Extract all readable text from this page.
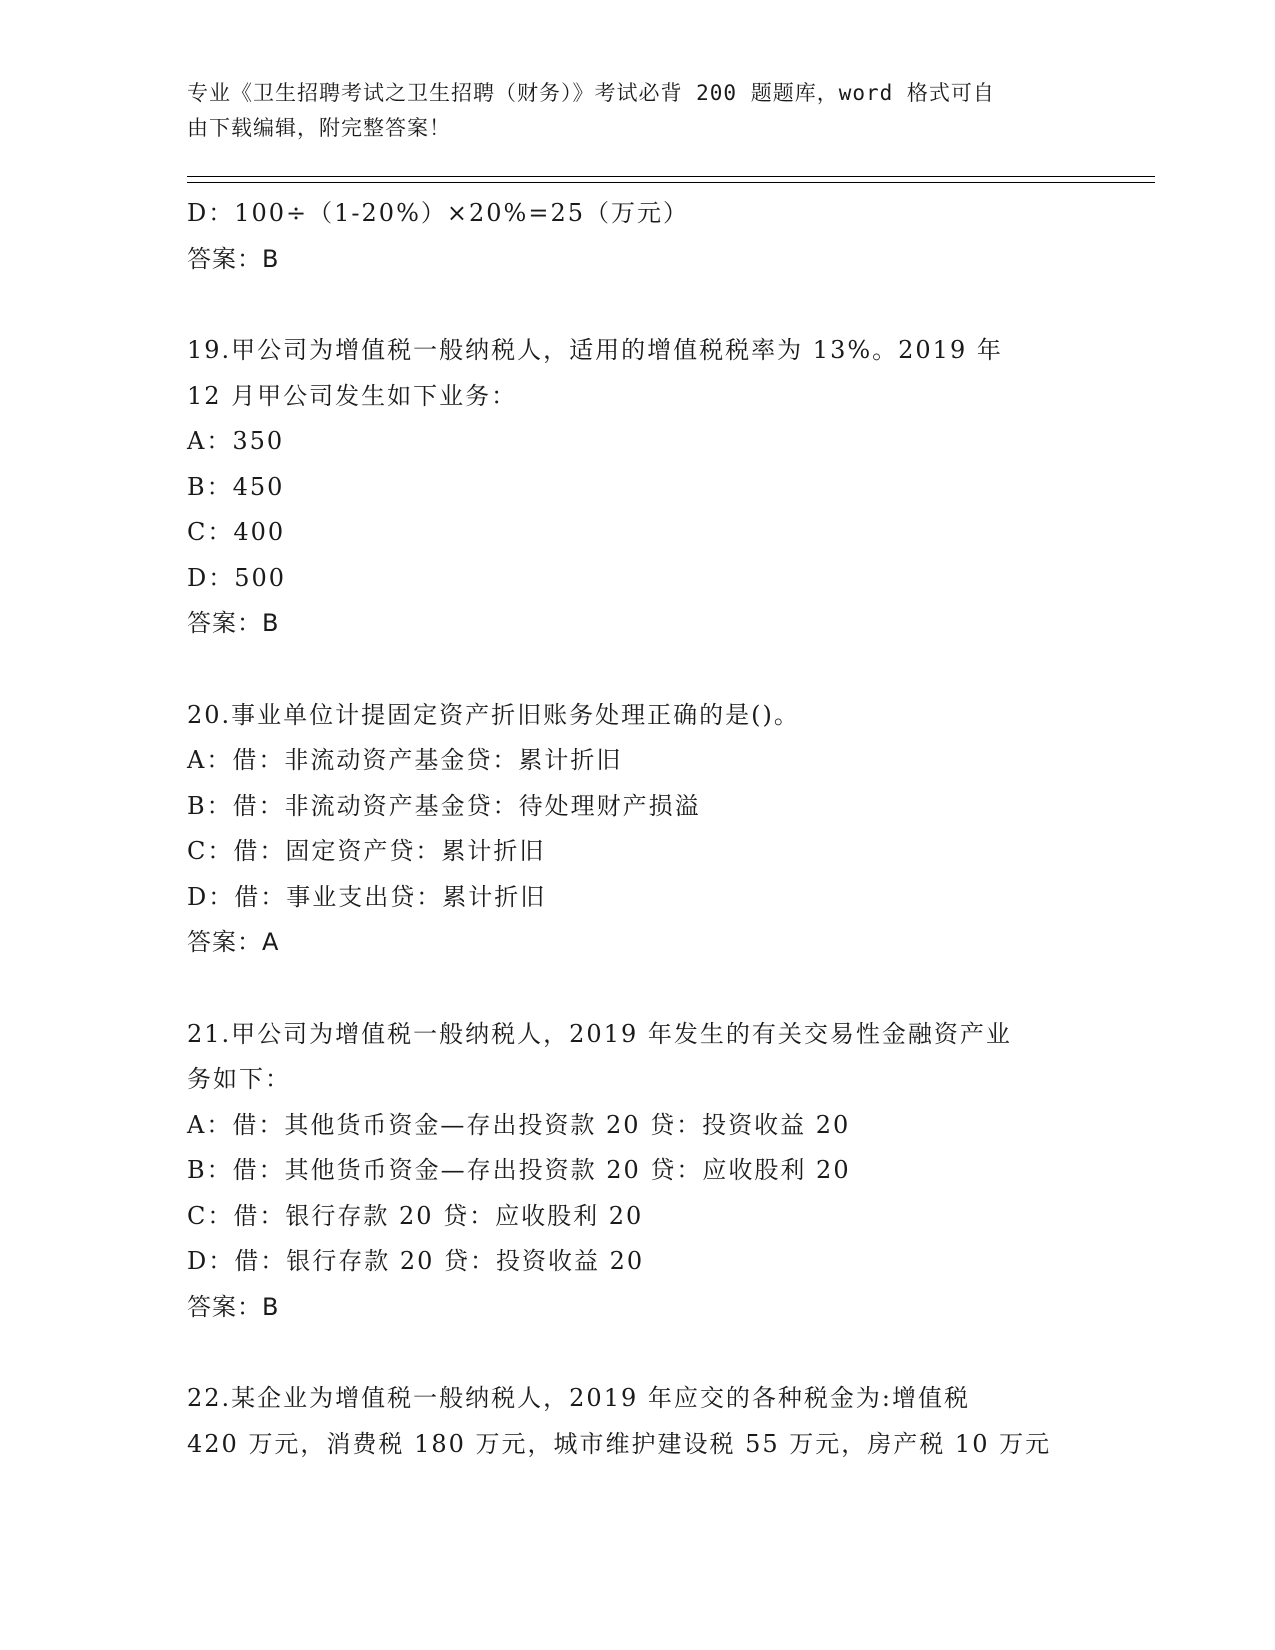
专业《卫生招聘考试之卫生招聘（财务）》考试必背 200 题题库，word 格式可自
由下载编辑，附完整答案！
D：100÷（1-20%）×20%=25（万元）
答案：B
19.甲公司为增值税一般纳税人，适用的增值税税率为 13%。2019 年
12 月甲公司发生如下业务：
A：350
B：450
C：400
D：500
答案：B
20.事业单位计提固定资产折旧账务处理正确的是()。
A：借：非流动资产基金贷：累计折旧
B：借：非流动资产基金贷：待处理财产损溢
C：借：固定资产贷：累计折旧
D：借：事业支出贷：累计折旧
答案：A
21.甲公司为增值税一般纳税人，2019 年发生的有关交易性金融资产业
务如下：
A：借：其他货币资金—存出投资款 20 贷：投资收益 20
B：借：其他货币资金—存出投资款 20 贷：应收股利 20
C：借：银行存款 20 贷：应收股利 20
D：借：银行存款 20 贷：投资收益 20
答案：B
22.某企业为增值税一般纳税人，2019 年应交的各种税金为:增值税
420 万元，消费税 180 万元，城市维护建设税 55 万元，房产税 10 万元
